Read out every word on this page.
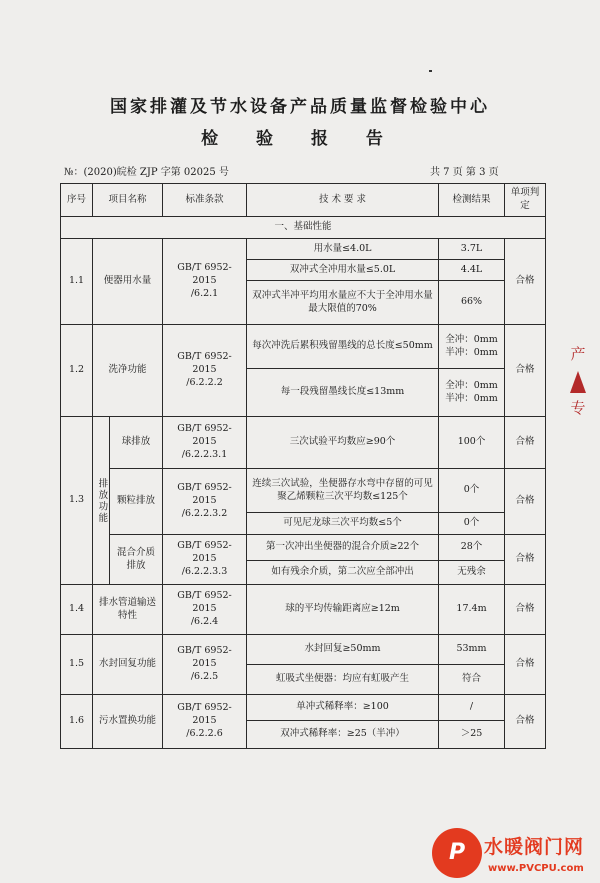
国家排灌及节水设备产品质量监督检验中心
检 验 报 告
№：(2020)皖检 ZJP 字第 02025 号	共 7 页 第 3 页
序号	项目名称		标准条款	技 术 要 求	检测结果	单项判定
一、基础性能						
1.1	便器用水量		GB/T 6952-2015
/6.2.1	用水量≤4.0L	3.7L	合格
				双冲式全冲用水量≤5.0L	4.4L	
				双冲式半冲平均用水量应不大于全冲用水量最大限值的70%	66%	
1.2	洗净功能		GB/T 6952-2015
/6.2.2.2	每次冲洗后累积残留墨线的总长度≤50mm	全冲：0mm
半冲：0mm	合格
				每一段残留墨线长度≤13mm	全冲：0mm
半冲：0mm	

1.3	排放功能	球排放	GB/T 6952-2015
/6.2.2.3.1	三次试验平均数应≥90个	100个	合格
		颗粒排放	GB/T 6952-2015
/6.2.2.3.2	连续三次试验，坐便器存水弯中存留的可见聚乙烯颗粒三次平均数≤125个	0个	合格
				可见尼龙球三次平均数≤5个	0个	
		混合介质排放	GB/T 6952-2015
/6.2.2.3.3	第一次冲出坐便器的混合介质≥22个	28个	合格
				如有残余介质，第二次应全部冲出	无残余	
1.4	排水管道输送特性		GB/T 6952-2015
/6.2.4	球的平均传输距离应≥12m	17.4m	合格
1.5	水封回复功能		GB/T 6952-2015
/6.2.5	水封回复≥50mm	53mm	合格
				虹吸式坐便器：均应有虹吸产生	符合	
1.6	污水置换功能		GB/T 6952-2015
/6.2.2.6	单冲式稀释率：≥100	/	合格
				双冲式稀释率：≥25（半冲）	＞25	
产
专
P 水暖阀门网
www.PVCPU.com
